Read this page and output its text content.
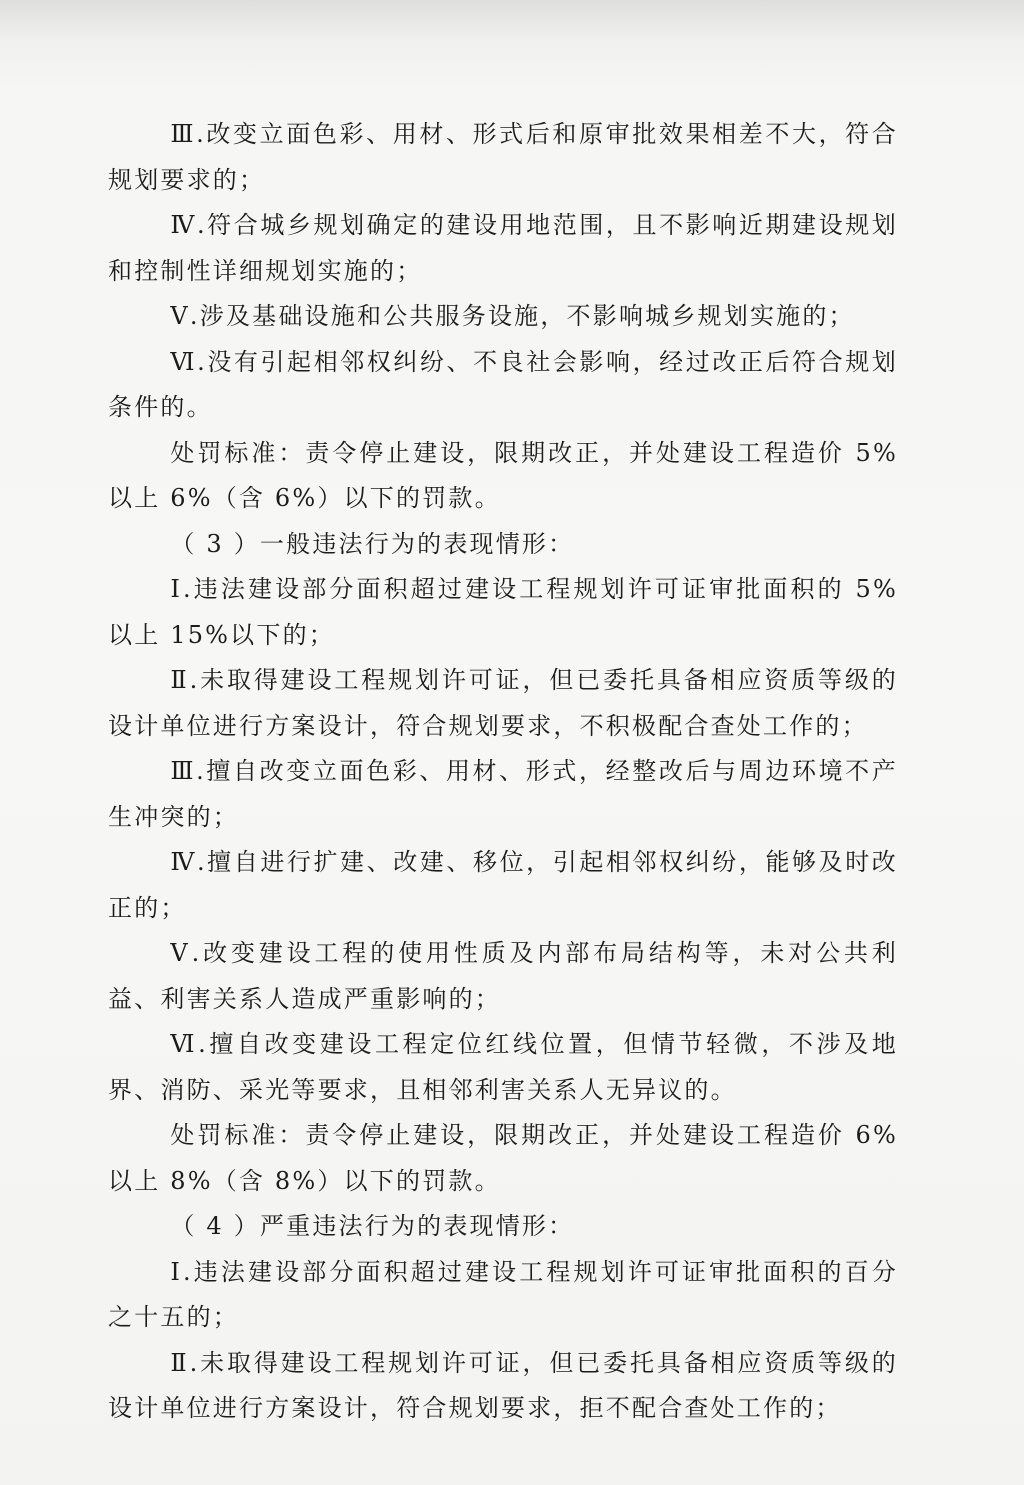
Ⅲ.改变立面色彩、用材、形式后和原审批效果相差不大，符合规划要求的；

Ⅳ.符合城乡规划确定的建设用地范围，且不影响近期建设规划和控制性详细规划实施的；

Ⅴ.涉及基础设施和公共服务设施，不影响城乡规划实施的；

Ⅵ.没有引起相邻权纠纷、不良社会影响，经过改正后符合规划条件的。

处罚标准：责令停止建设，限期改正，并处建设工程造价 5%以上 6%（含 6%）以下的罚款。

（ 3 ）一般违法行为的表现情形：

Ⅰ.违法建设部分面积超过建设工程规划许可证审批面积的 5%以上 15%以下的；

Ⅱ.未取得建设工程规划许可证，但已委托具备相应资质等级的设计单位进行方案设计，符合规划要求，不积极配合查处工作的；

Ⅲ.擅自改变立面色彩、用材、形式，经整改后与周边环境不产生冲突的；

Ⅳ.擅自进行扩建、改建、移位，引起相邻权纠纷，能够及时改正的；

Ⅴ.改变建设工程的使用性质及内部布局结构等，未对公共利益、利害关系人造成严重影响的；

Ⅵ.擅自改变建设工程定位红线位置，但情节轻微，不涉及地界、消防、采光等要求，且相邻利害关系人无异议的。

处罚标准：责令停止建设，限期改正，并处建设工程造价 6%以上 8%（含 8%）以下的罚款。

（ 4 ）严重违法行为的表现情形：

Ⅰ.违法建设部分面积超过建设工程规划许可证审批面积的百分之十五的；

Ⅱ.未取得建设工程规划许可证，但已委托具备相应资质等级的设计单位进行方案设计，符合规划要求，拒不配合查处工作的；
